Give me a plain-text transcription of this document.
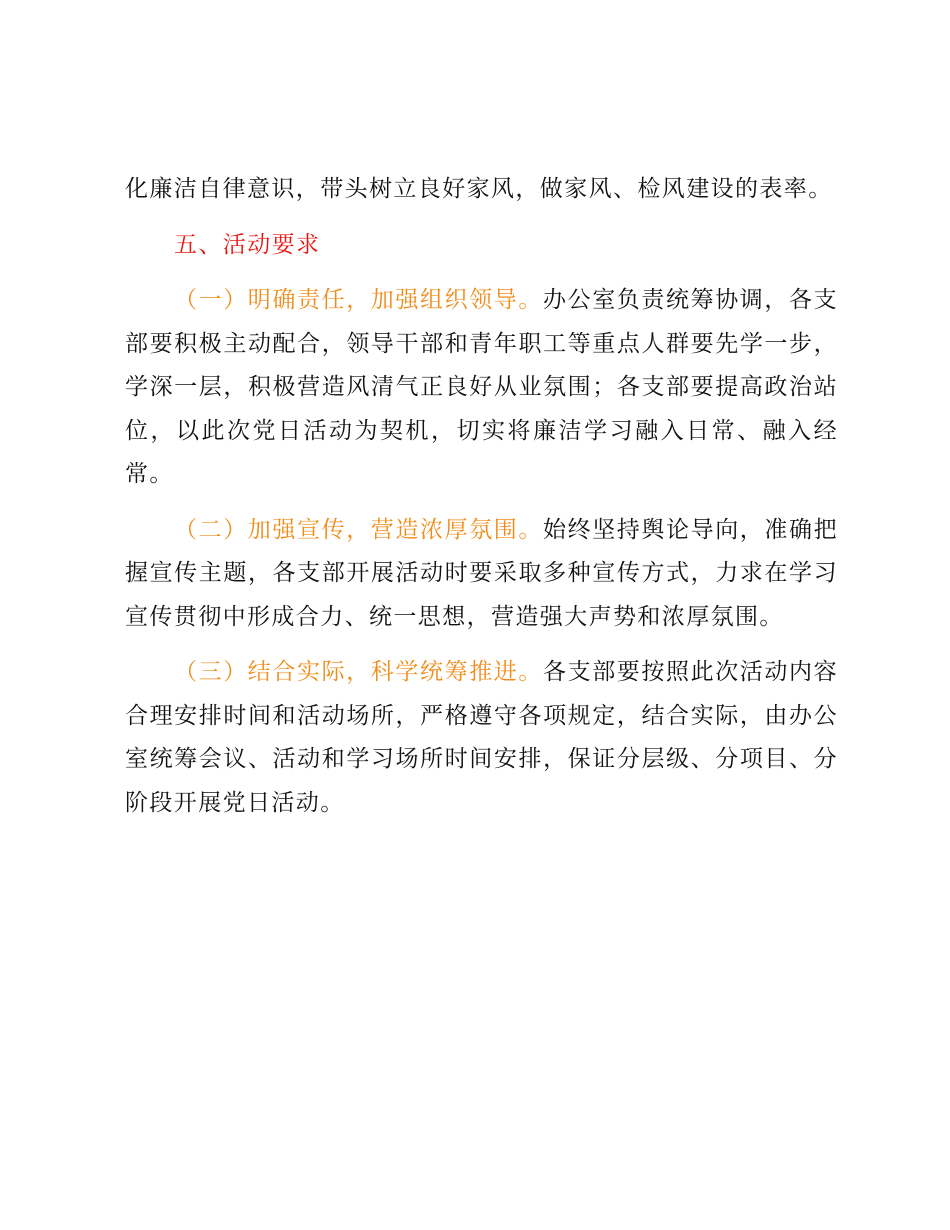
化廉洁自律意识，带头树立良好家风，做家风、检风建设的表率。

五、活动要求

（一）明确责任，加强组织领导。办公室负责统筹协调，各支部要积极主动配合，领导干部和青年职工等重点人群要先学一步，学深一层，积极营造风清气正良好从业氛围；各支部要提高政治站位，以此次党日活动为契机，切实将廉洁学习融入日常、融入经常。

（二）加强宣传，营造浓厚氛围。始终坚持舆论导向，准确把握宣传主题，各支部开展活动时要采取多种宣传方式，力求在学习宣传贯彻中形成合力、统一思想，营造强大声势和浓厚氛围。

（三）结合实际，科学统筹推进。各支部要按照此次活动内容合理安排时间和活动场所，严格遵守各项规定，结合实际，由办公室统筹会议、活动和学习场所时间安排，保证分层级、分项目、分阶段开展党日活动。
